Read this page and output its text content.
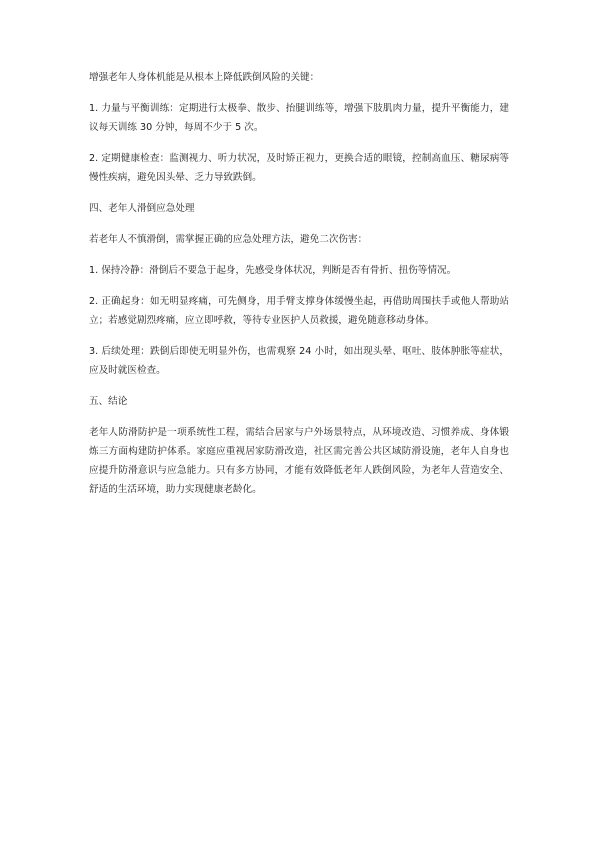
增强老年人身体机能是从根本上降低跌倒风险的关键：

1. 力量与平衡训练：定期进行太极拳、散步、抬腿训练等，增强下肢肌肉力量，提升平衡能力，建议每天训练 30 分钟，每周不少于 5 次。

2. 定期健康检查：监测视力、听力状况，及时矫正视力，更换合适的眼镜，控制高血压、糖尿病等慢性疾病，避免因头晕、乏力导致跌倒。

四、老年人滑倒应急处理

若老年人不慎滑倒，需掌握正确的应急处理方法，避免二次伤害：

1. 保持冷静：滑倒后不要急于起身，先感受身体状况，判断是否有骨折、扭伤等情况。

2. 正确起身：如无明显疼痛，可先侧身，用手臂支撑身体缓慢坐起，再借助周围扶手或他人帮助站立；若感觉剧烈疼痛，应立即呼救，等待专业医护人员救援，避免随意移动身体。

3. 后续处理：跌倒后即使无明显外伤，也需观察 24 小时，如出现头晕、呕吐、肢体肿胀等症状，应及时就医检查。

五、结论

老年人防滑防护是一项系统性工程，需结合居家与户外场景特点，从环境改造、习惯养成、身体锻炼三方面构建防护体系。家庭应重视居家防滑改造，社区需完善公共区域防滑设施，老年人自身也应提升防滑意识与应急能力。只有多方协同，才能有效降低老年人跌倒风险，为老年人营造安全、舒适的生活环境，助力实现健康老龄化。
